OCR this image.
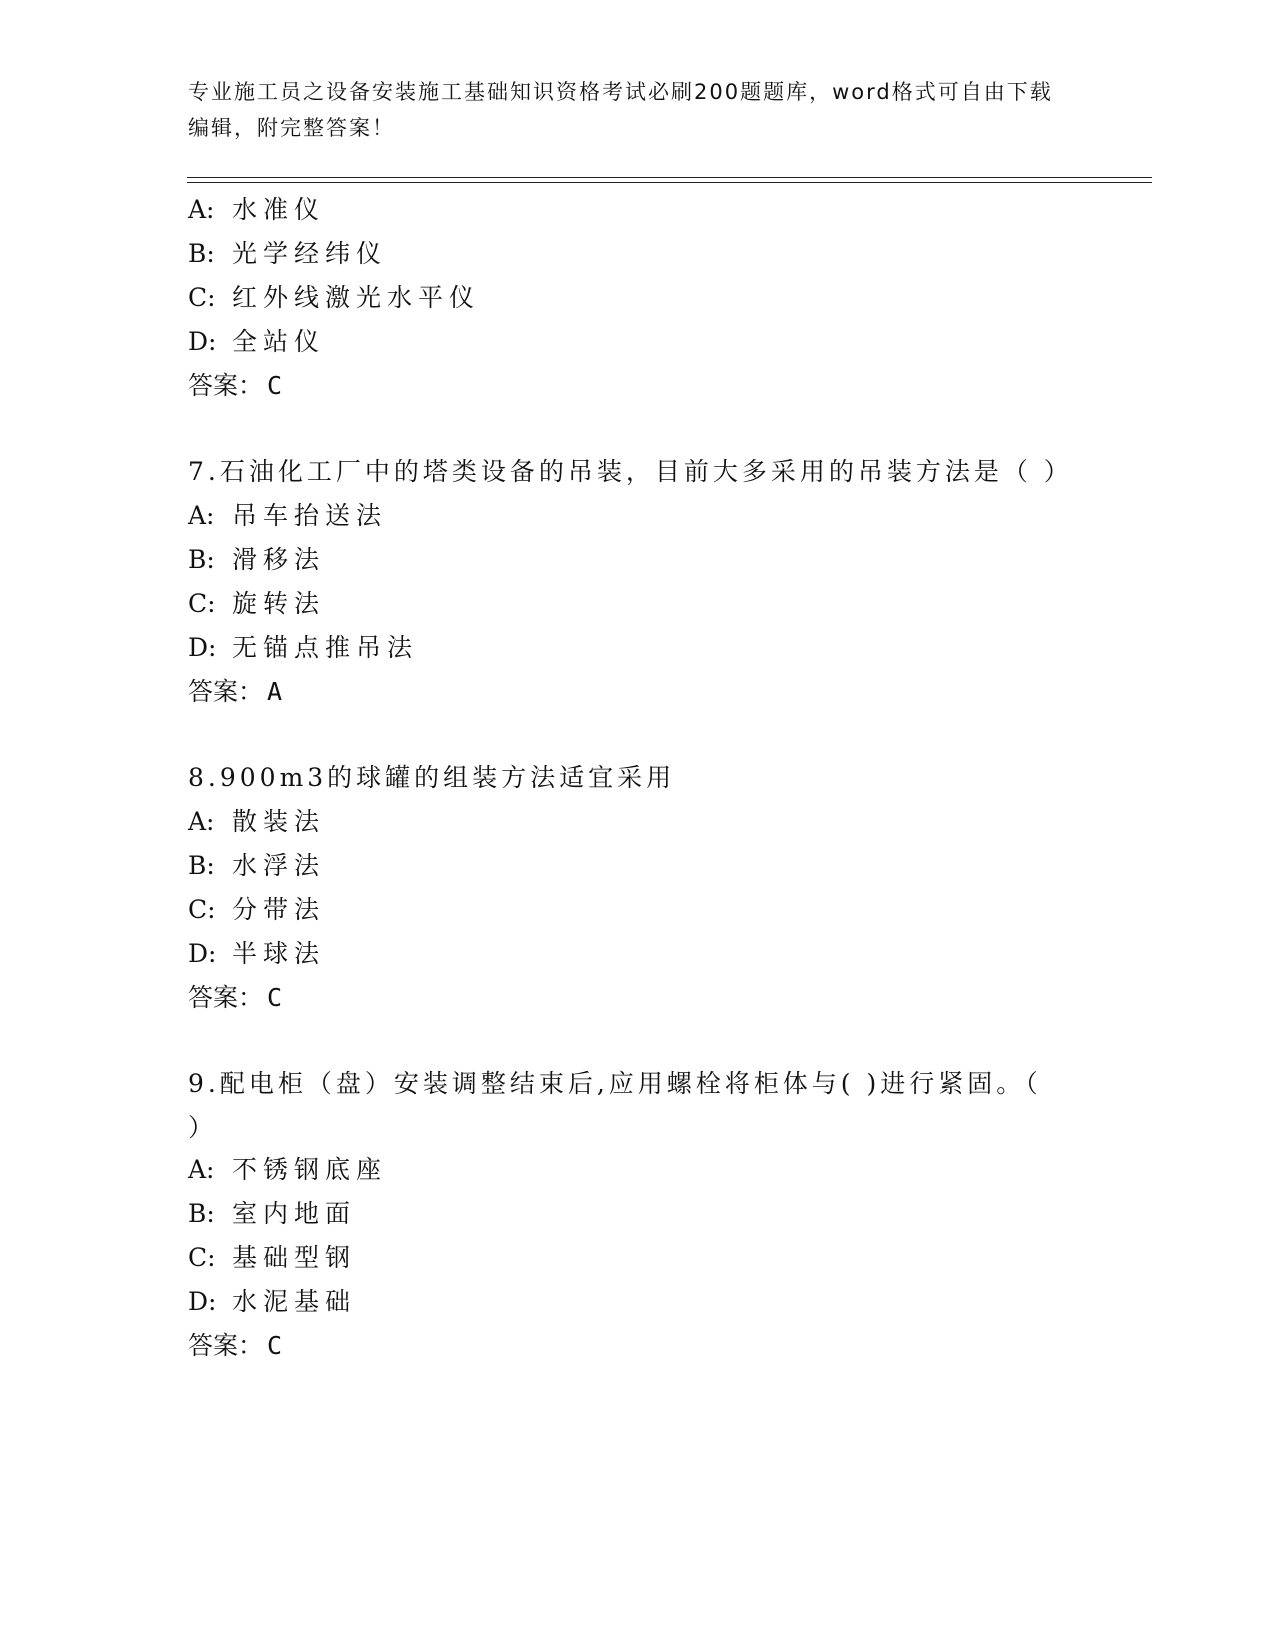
专业施工员之设备安装施工基础知识资格考试必刷200题题库，word格式可自由下载编辑，附完整答案！
A: 水准仪
B: 光学经纬仪
C: 红外线激光水平仪
D: 全站仪
答案： C
7.石油化工厂中的塔类设备的吊装，目前大多采用的吊装方法是（ ）
A: 吊车抬送法
B: 滑移法
C: 旋转法
D: 无锚点推吊法
答案： A
8.900m3的球罐的组装方法适宜采用
A: 散装法
B: 水浮法
C: 分带法
D: 半球法
答案： C
9.配电柜（盘）安装调整结束后,应用螺栓将柜体与( )进行紧固。（ ）
A: 不锈钢底座
B: 室内地面
C: 基础型钢
D: 水泥基础
答案： C
